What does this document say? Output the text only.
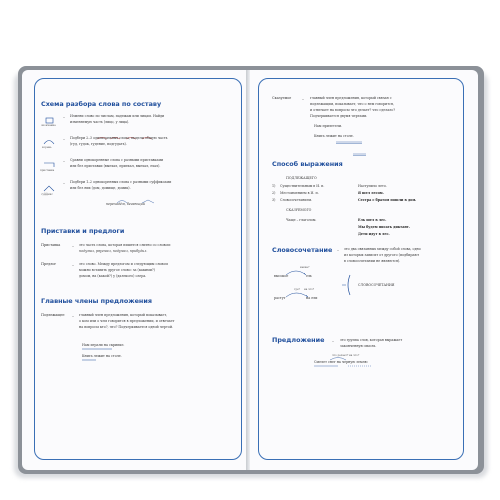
Схема разбора слова по составу
окончание
– Измени слово по числам, падежам или лицам. Найди
изменяемую часть (лицо, у лица).
корень
– Подбери 2–3 однокоренных слова, выдели общую часть
(гуд, гудок, гудение, подгудать).
приставка
– Сравни однокоренные слова с разными приставками
или без приставки (выехал, приехал, выехал, ехал).
суффикс
– Подбери 1–2 однокоренных слова с разными суффиксами
или без них (дом, домище, домик).
перехадём, бегающий
Приставки и предлоги
Приставка	– это часть слова, которая пишется слитно со словом:
подумал, рвуемал, подумал, прибудил.
Предлог	– это слово. Между предлогом и следующим словом
можно вставить другое слово: за (какими?)
домом, на (какой?) у (далекого) озера.
Главные члены предложения
Подлежащее – главный член предложения, который показывает,
о ком или о чем говорится в предложении, и отвечает
на вопросы кто?, что? Подчеркивается одной чертой.
Нам играли на скрипке.
Книга лежит на столе.
Сказуемое	– главный член предложения, который связан с
подлежащим, показывает, что о нем говорится,
и отвечает на вопросы что делает? что сделало?
Подчеркивается двумя чертами.
Нам прилетели.
Книга лежит на столе.
Способ выражения
ПОДЛЕЖАЩЕГО
1) Существительным в И. п.	Наступило лето.
2) Местоимением в И. п.	Я шел лесом.
3) Словосочетанием.	Сестра с братом пошли в дом.
СКАЗУЕМОГО
Чаще – глаголом.	Ель шел в лес.
Мы будем писать диктант.
Дети идут в лес.
Словосочетание – это два связанных между собой слова, одно
из которых зависит от другого (подбирают
в словосочетании не являются).
какие?
высокое	ель
где? на что?
растут	на ели
СЛОВОСОЧЕТАНИЯ
Предложение – это группа слов, которая выражает
законченную мысль.
что делает? на что?
Смелет снег на черную землю
